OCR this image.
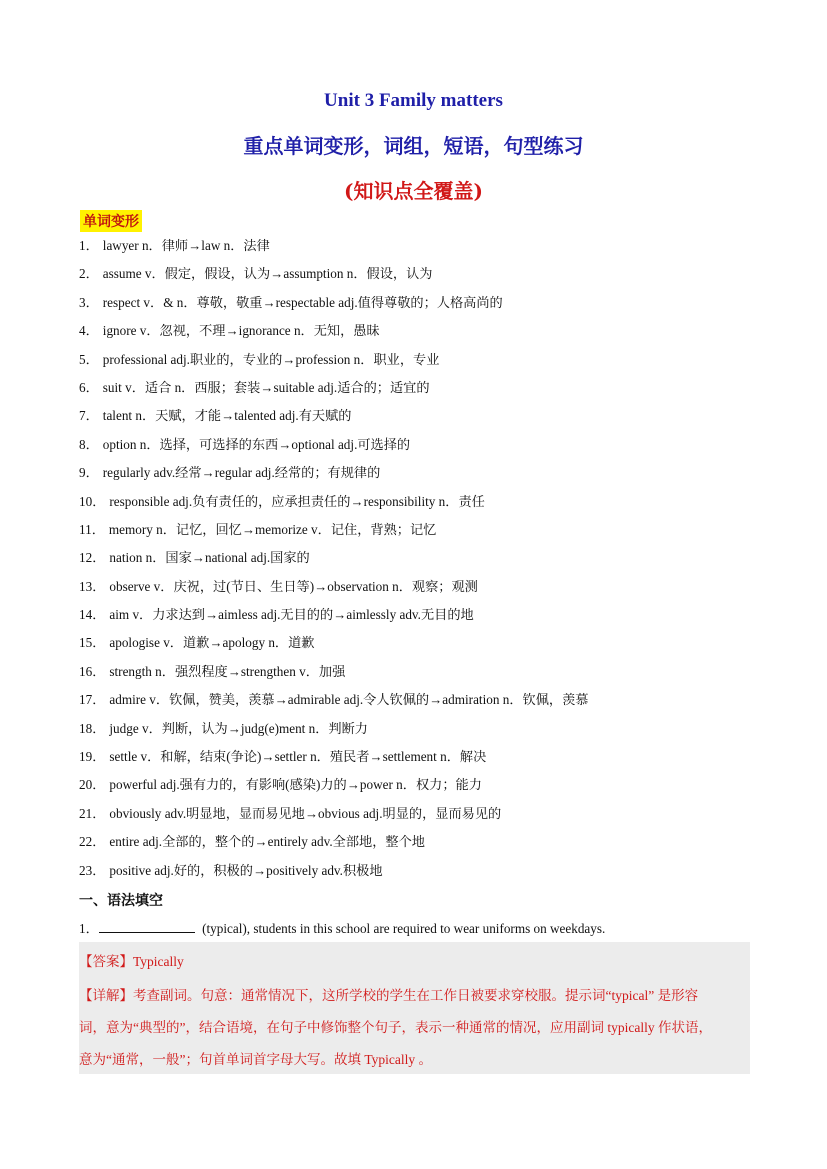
Unit 3 Family matters
重点单词变形，词组，短语，句型练习
(知识点全覆盖)
单词变形
1． lawyer n．律师→law n．法律
2． assume v．假定，假设，认为→assumption n．假设，认为
3． respect v．& n．尊敬，敬重→respectable adj.值得尊敬的；人格高尚的
4． ignore v．忽视，不理→ignorance n．无知，愚昧
5． professional adj.职业的，专业的→profession n．职业，专业
6． suit v．适合 n．西服；套装→suitable adj.适合的；适宜的
7． talent n．天赋，才能→talented adj.有天赋的
8． option n．选择，可选择的东西→optional adj.可选择的
9． regularly adv.经常→regular adj.经常的；有规律的
10． responsible adj.负有责任的，应承担责任的→responsibility n．责任
11． memory n．记忆，回忆→memorize v．记住，背熟；记忆
12． nation n．国家→national adj.国家的
13． observe v．庆祝，过(节日、生日等)→observation n．观察；观测
14． aim v．力求达到→aimless adj.无目的的→aimlessly adv.无目的地
15． apologise v．道歉→apology n．道歉
16． strength n．强烈程度→strengthen v．加强
17． admire v．钦佩，赞美，羡慕→admirable adj.令人钦佩的→admiration n．钦佩，羡慕
18． judge v．判断，认为→judg(e)ment n．判断力
19． settle v．和解，结束(争论)→settler n．殖民者→settlement n．解决
20． powerful adj.强有力的，有影响(感染)力的→power n．权力；能力
21． obviously adv.明显地，显而易见地→obvious adj.明显的，显而易见的
22． entire adj.全部的，整个的→entirely adv.全部地，整个地
23． positive adj.好的，积极的→positively adv.积极地
一、语法填空
1．	(typical), students in this school are required to wear uniforms on weekdays.
【答案】Typically
【详解】考查副词。句意：通常情况下，这所学校的学生在工作日被要求穿校服。提示词“typical” 是形容
词，意为“典型的”，结合语境，在句子中修饰整个句子，表示一种通常的情况，应用副词 typically 作状语，
意为“通常，一般”；句首单词首字母大写。故填 Typically 。
